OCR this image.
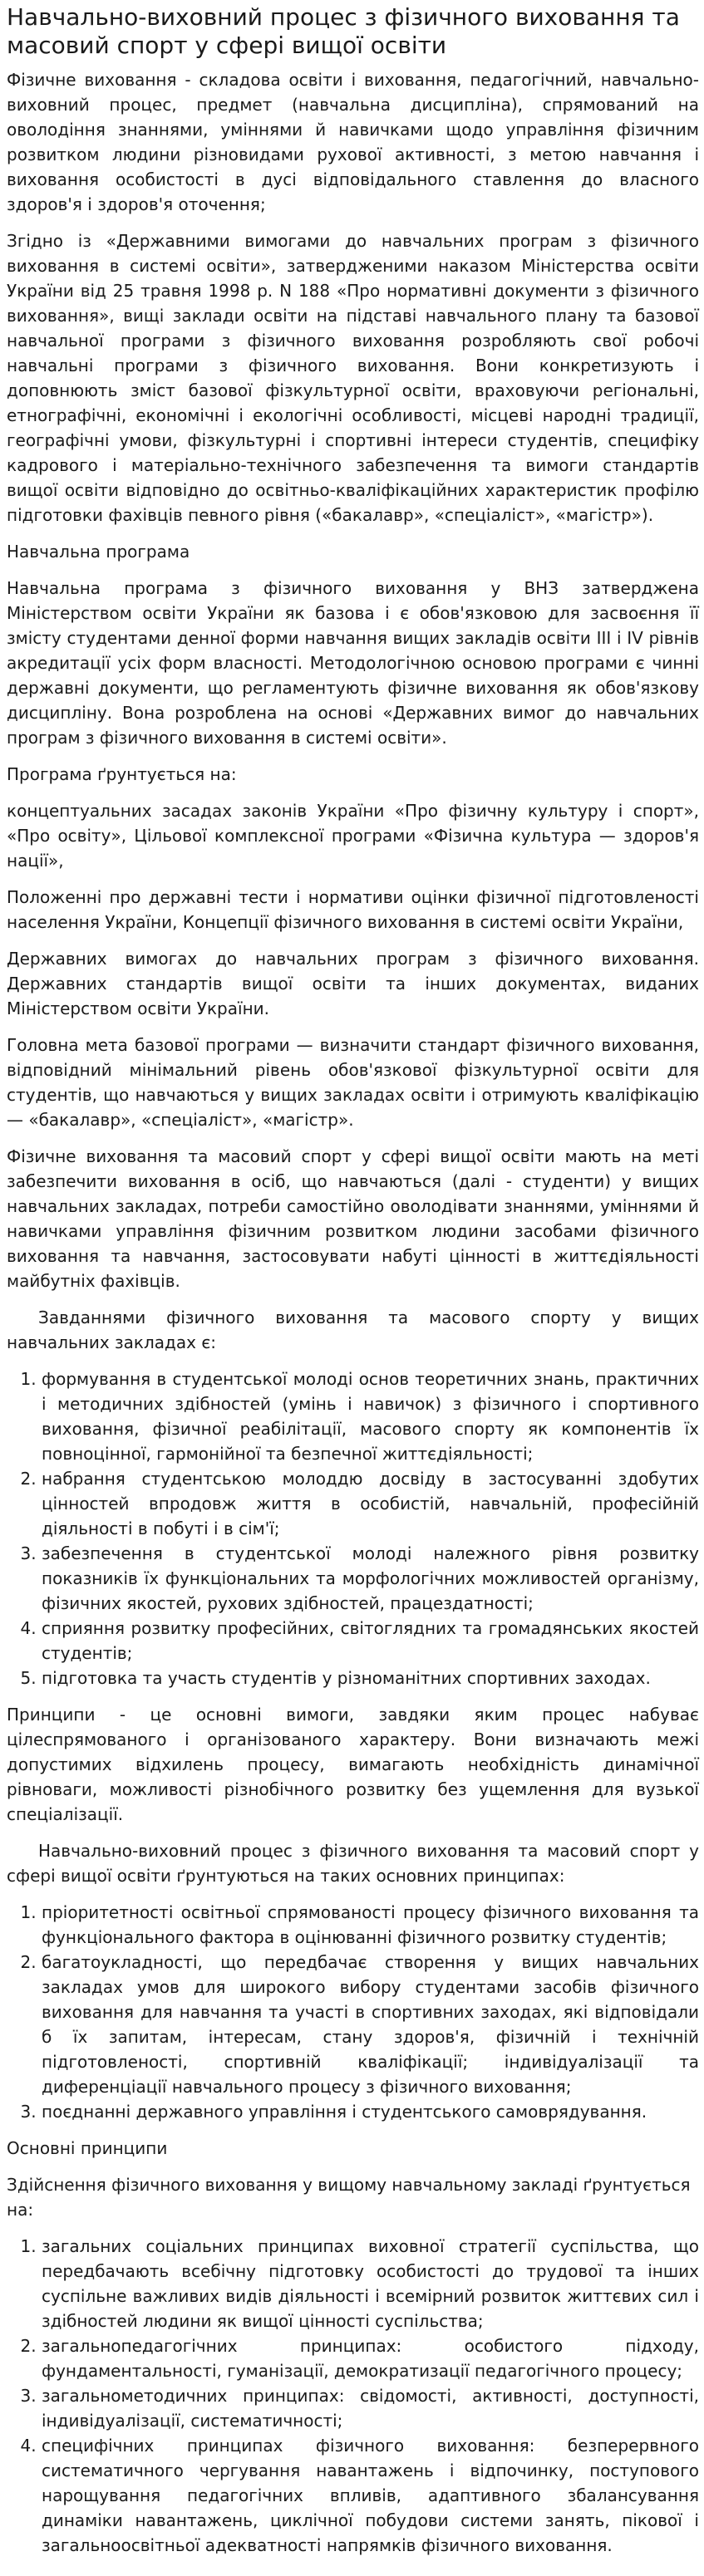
Навчально-виховний процес з фізичного виховання та масовий спорт у сфері вищої освіти

Фізичне виховання - складова освіти і виховання, педагогічний, навчально-виховний процес, предмет (навчальна дисципліна), спрямований на оволодіння знаннями, уміннями й навичками щодо управління фізичним розвитком людини різновидами рухової активності, з метою навчання і виховання особистості в дусі відповідального ставлення до власного здоров'я і здоров'я оточення;

Згідно із «Державними вимогами до навчальних програм з фізичного виховання в системі освіти», затвердженими наказом Міністерства освіти України від 25 травня 1998 р. N 188 «Про нормативні документи з фізичного виховання», вищі заклади освіти на підставі навчального плану та базової навчальної програми з фізичного виховання розробляють свої робочі навчальні програми з фізичного виховання. Вони конкретизують і доповнюють зміст базової фізкультурної освіти, враховуючи регіональні, етнографічні, економічні і екологічні особливості, місцеві народні традиції, географічні умови, фізкультурні і спортивні інтереси студентів, специфіку кадрового і матеріально-технічного забезпечення та вимоги стандартів вищої освіти відповідно до освітньо-кваліфікаційних характеристик профілю підготовки фахівців певного рівня («бакалавр», «спеціаліст», «магістр»).

Навчальна програма

Навчальна програма з фізичного виховання у ВНЗ затверджена Міністерством освіти України як базова і є обов'язковою для засвоєння її змісту студентами денної форми навчання вищих закладів освіти III і IV рівнів акредитації усіх форм власності. Методологічною основою програми є чинні державні документи, що регламентують фізичне виховання як обов'язкову дисципліну. Вона розроблена на основі «Державних вимог до навчальних програм з фізичного виховання в системі освіти».

Програма ґрунтується на:

концептуальних засадах законів України «Про фізичну культуру і спорт», «Про освіту», Цільової комплексної програми «Фізична культура — здоров'я нації»,

Положенні про державні тести і нормативи оцінки фізичної підготовленості населення України, Концепції фізичного виховання в системі освіти України,

Державних вимогах до навчальних програм з фізичного виховання. Державних стандартів вищої освіти та інших документах, виданих Міністерством освіти України.

Головна мета базової програми — визначити стандарт фізичного виховання, відповідний мінімальний рівень обов'язкової фізкультурної освіти для студентів, що навчаються у вищих закладах освіти і отримують кваліфікацію — «бакалавр», «спеціаліст», «магістр».

Фізичне виховання та масовий спорт у сфері вищої освіти мають на меті забезпечити виховання в осіб, що навчаються (далі - студенти) у вищих навчальних закладах, потреби самостійно оволодівати знаннями, уміннями й навичками управління фізичним розвитком людини засобами фізичного виховання та навчання, застосовувати набуті цінності в життєдіяльності майбутніх фахівців.

Завданнями фізичного виховання та масового спорту у вищих навчальних закладах є:

1. формування в студентської молоді основ теоретичних знань, практичних і методичних здібностей (умінь і навичок) з фізичного і спортивного виховання, фізичної реабілітації, масового спорту як компонентів їх повноцінної, гармонійної та безпечної життєдіяльності;
2. набрання студентською молоддю досвіду в застосуванні здобутих цінностей впродовж життя в особистій, навчальній, професійній діяльності в побуті і в сім'ї;
3. забезпечення в студентської молоді належного рівня розвитку показників їх функціональних та морфологічних можливостей організму, фізичних якостей, рухових здібностей, працездатності;
4. сприяння розвитку професійних, світоглядних та громадянських якостей студентів;
5. підготовка та участь студентів у різноманітних спортивних заходах.

Принципи - це основні вимоги, завдяки яким процес набуває цілеспрямованого і організованого характеру. Вони визначають межі допустимих відхилень процесу, вимагають необхідність динамічної рівноваги, можливості різнобічного розвитку без ущемлення для вузької спеціалізації.

Навчально-виховний процес з фізичного виховання та масовий спорт у сфері вищої освіти ґрунтуються на таких основних принципах:

1. пріоритетності освітньої спрямованості процесу фізичного виховання та функціонального фактора в оцінюванні фізичного розвитку студентів;
2. багатоукладності, що передбачає створення у вищих навчальних закладах умов для широкого вибору студентами засобів фізичного виховання для навчання та участі в спортивних заходах, які відповідали б їх запитам, інтересам, стану здоров'я, фізичній і технічній підготовленості, спортивній кваліфікації; індивідуалізації та диференціації навчального процесу з фізичного виховання;
3. поєднанні державного управління і студентського самоврядування.

Основні принципи

Здійснення фізичного виховання у вищому навчальному закладі ґрунтується на:

1. загальних соціальних принципах виховної стратегії суспільства, що передбачають всебічну підготовку особистості до трудової та інших суспільне важливих видів діяльності і всемірний розвиток життєвих сил і здібностей людини як вищої цінності суспільства;
2. загальнопедагогічних принципах: особистого підходу, фундаментальності, гуманізації, демократизації педагогічного процесу;
3. загальнометодичних принципах: свідомості, активності, доступності, індивідуалізації, систематичності;
4. специфічних принципах фізичного виховання: безперервного систематичного чергування навантажень і відпочинку, поступового нарощування педагогічних впливів, адаптивного збалансування динаміки навантажень, циклічної побудови системи занять, пікової і загальноосвітньої адекватності напрямків фізичного виховання.
